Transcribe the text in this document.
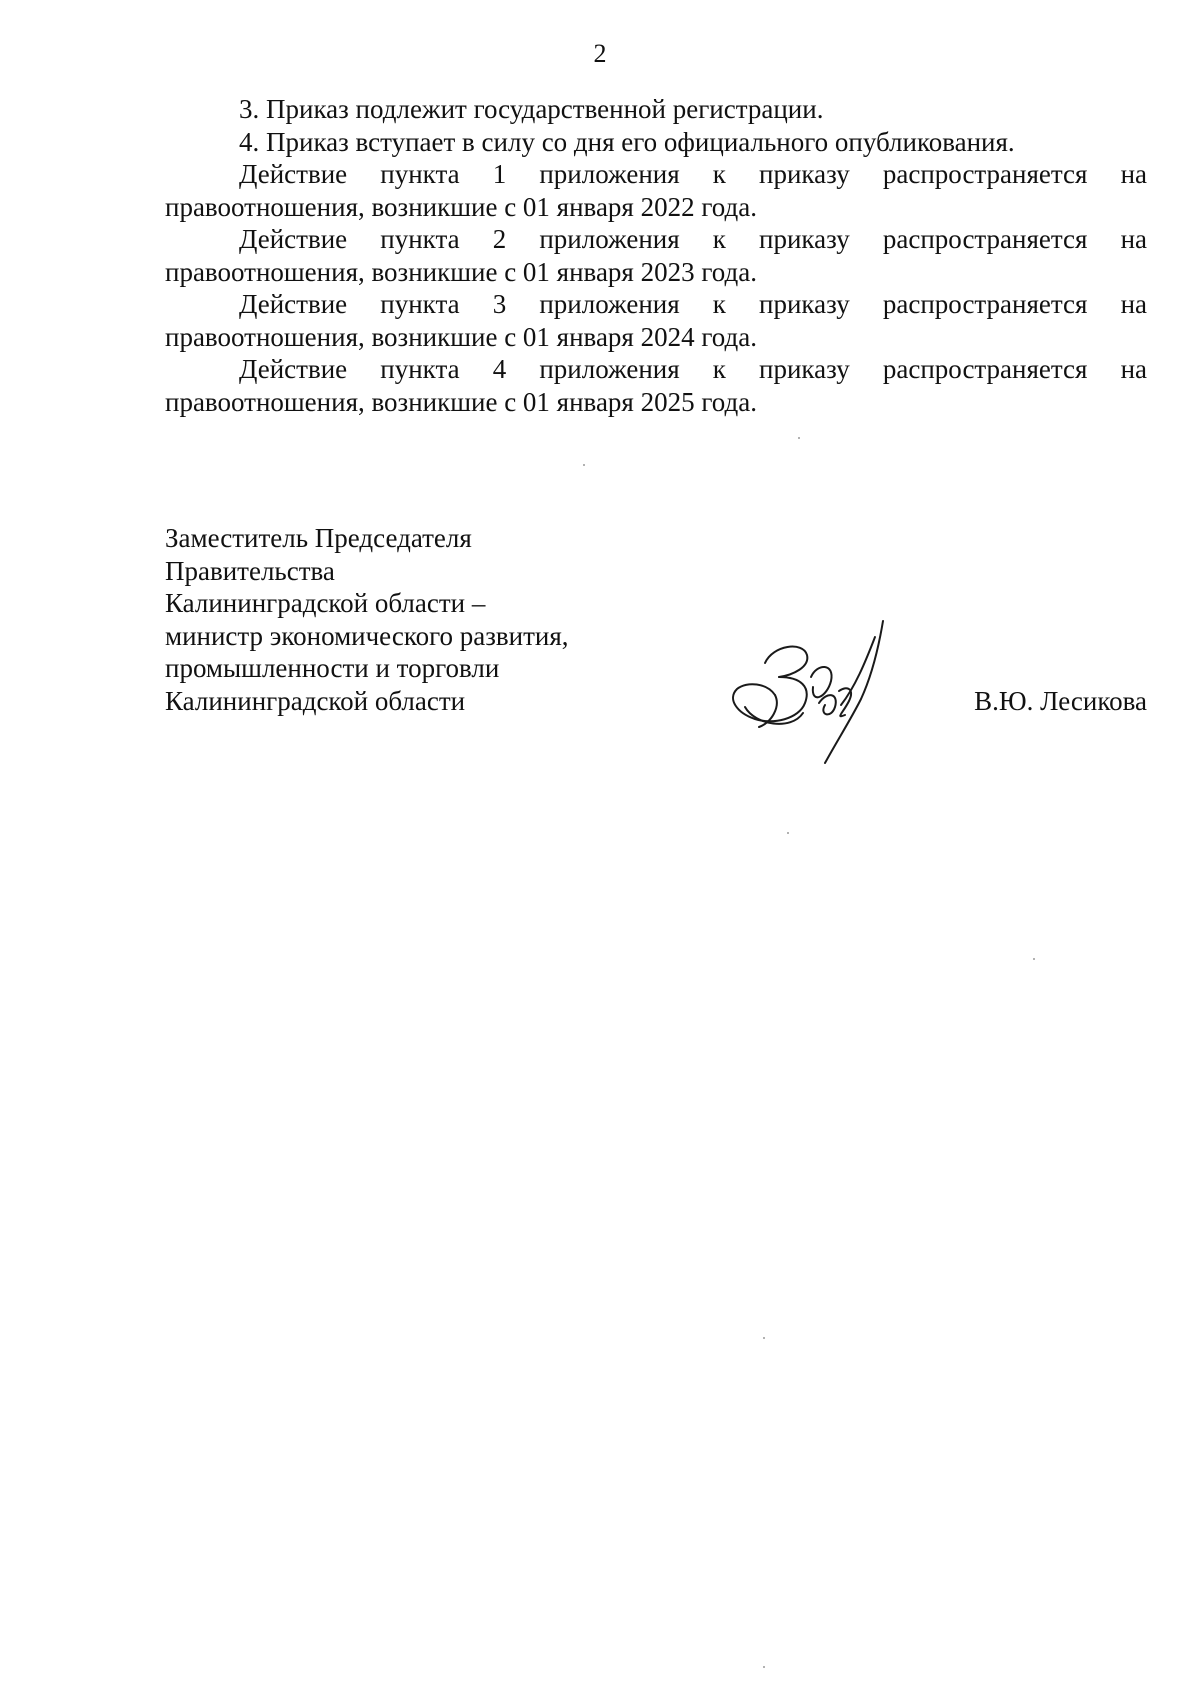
2

3. Приказ подлежит государственной регистрации.

4. Приказ вступает в силу со дня его официального опубликования.

Действие пункта 1 приложения к приказу распространяется на правоотношения, возникшие с 01 января 2022 года.

Действие пункта 2 приложения к приказу распространяется на правоотношения, возникшие с 01 января 2023 года.

Действие пункта 3 приложения к приказу распространяется на правоотношения, возникшие с 01 января 2024 года.

Действие пункта 4 приложения к приказу распространяется на правоотношения, возникшие с 01 января 2025 года.

Заместитель Председателя
Правительства
Калининградской области –
министр экономического развития,
промышленности и торговли
Калининградской области	В.Ю. Лесикова
